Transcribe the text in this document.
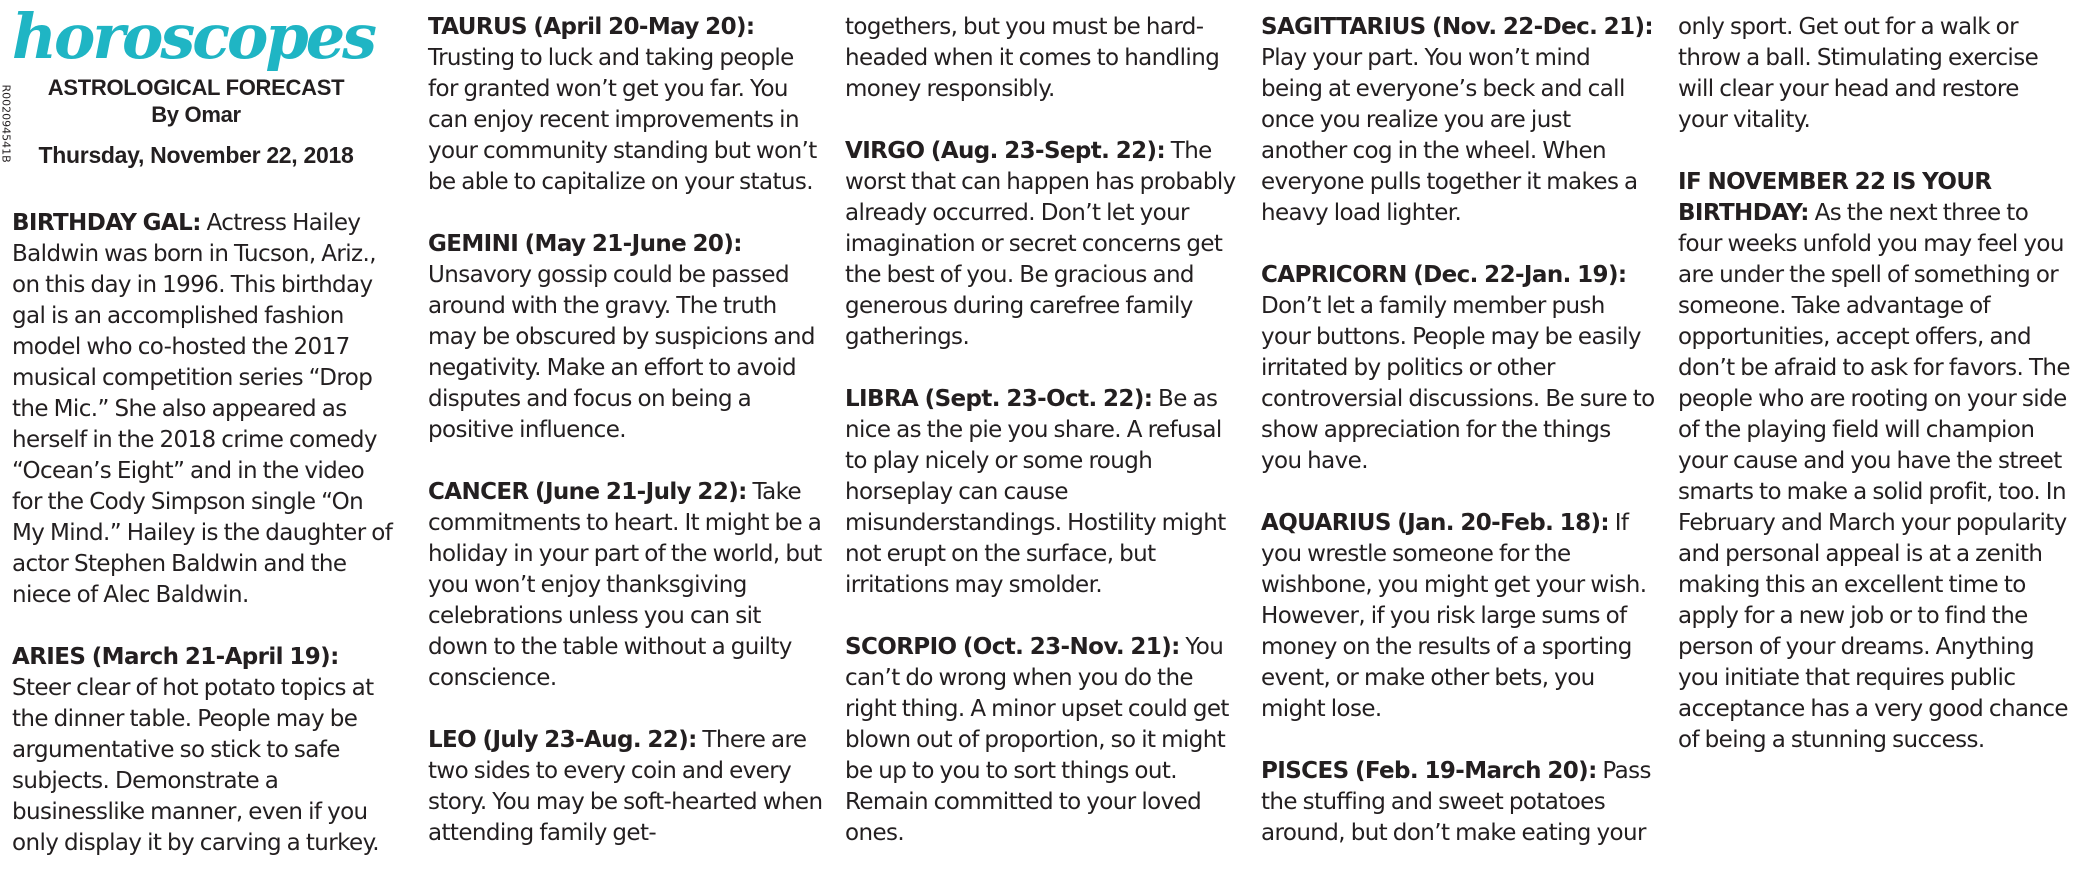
R002094541B
horoscopes
ASTROLOGICAL FORECAST
By Omar
Thursday, November 22, 2018

BIRTHDAY GAL: Actress Hailey Baldwin was born in Tucson, Ariz., on this day in 1996. This birthday gal is an accomplished fashion model who co-hosted the 2017 musical competition series “Drop the Mic.” She also appeared as herself in the 2018 crime comedy “Ocean’s Eight” and in the video for the Cody Simpson single “On My Mind.” Hailey is the daughter of actor Stephen Baldwin and the niece of Alec Baldwin.

ARIES (March 21-April 19): Steer clear of hot potato topics at the dinner table. People may be argumentative so stick to safe subjects. Demonstrate a businesslike manner, even if you only display it by carving a turkey.

TAURUS (April 20-May 20): Trusting to luck and taking people for granted won’t get you far. You can enjoy recent improvements in your community standing but won’t be able to capitalize on your status.

GEMINI (May 21-June 20): Unsavory gossip could be passed around with the gravy. The truth may be obscured by suspicions and negativity. Make an effort to avoid disputes and focus on being a positive influence.

CANCER (June 21-July 22): Take commitments to heart. It might be a holiday in your part of the world, but you won’t enjoy thanksgiving celebrations unless you can sit down to the table without a guilty conscience.

LEO (July 23-Aug. 22): There are two sides to every coin and every story. You may be soft-hearted when attending family get-

togethers, but you must be hard-headed when it comes to handling money responsibly.

VIRGO (Aug. 23-Sept. 22): The worst that can happen has probably already occurred. Don’t let your imagination or secret concerns get the best of you. Be gracious and generous during carefree family gatherings.

LIBRA (Sept. 23-Oct. 22): Be as nice as the pie you share. A refusal to play nicely or some rough horseplay can cause misunderstandings. Hostility might not erupt on the surface, but irritations may smolder.

SCORPIO (Oct. 23-Nov. 21): You can’t do wrong when you do the right thing. A minor upset could get blown out of proportion, so it might be up to you to sort things out. Remain committed to your loved ones.

SAGITTARIUS (Nov. 22-Dec. 21): Play your part. You won’t mind being at everyone’s beck and call once you realize you are just another cog in the wheel. When everyone pulls together it makes a heavy load lighter.

CAPRICORN (Dec. 22-Jan. 19): Don’t let a family member push your buttons. People may be easily irritated by politics or other controversial discussions. Be sure to show appreciation for the things you have.

AQUARIUS (Jan. 20-Feb. 18): If you wrestle someone for the wishbone, you might get your wish. However, if you risk large sums of money on the results of a sporting event, or make other bets, you might lose.

PISCES (Feb. 19-March 20): Pass the stuffing and sweet potatoes around, but don’t make eating your

only sport. Get out for a walk or throw a ball. Stimulating exercise will clear your head and restore your vitality.

IF NOVEMBER 22 IS YOUR BIRTHDAY: As the next three to four weeks unfold you may feel you are under the spell of something or someone. Take advantage of opportunities, accept offers, and don’t be afraid to ask for favors. The people who are rooting on your side of the playing field will champion your cause and you have the street smarts to make a solid profit, too. In February and March your popularity and personal appeal is at a zenith making this an excellent time to apply for a new job or to find the person of your dreams. Anything you initiate that requires public acceptance has a very good chance of being a stunning success.
